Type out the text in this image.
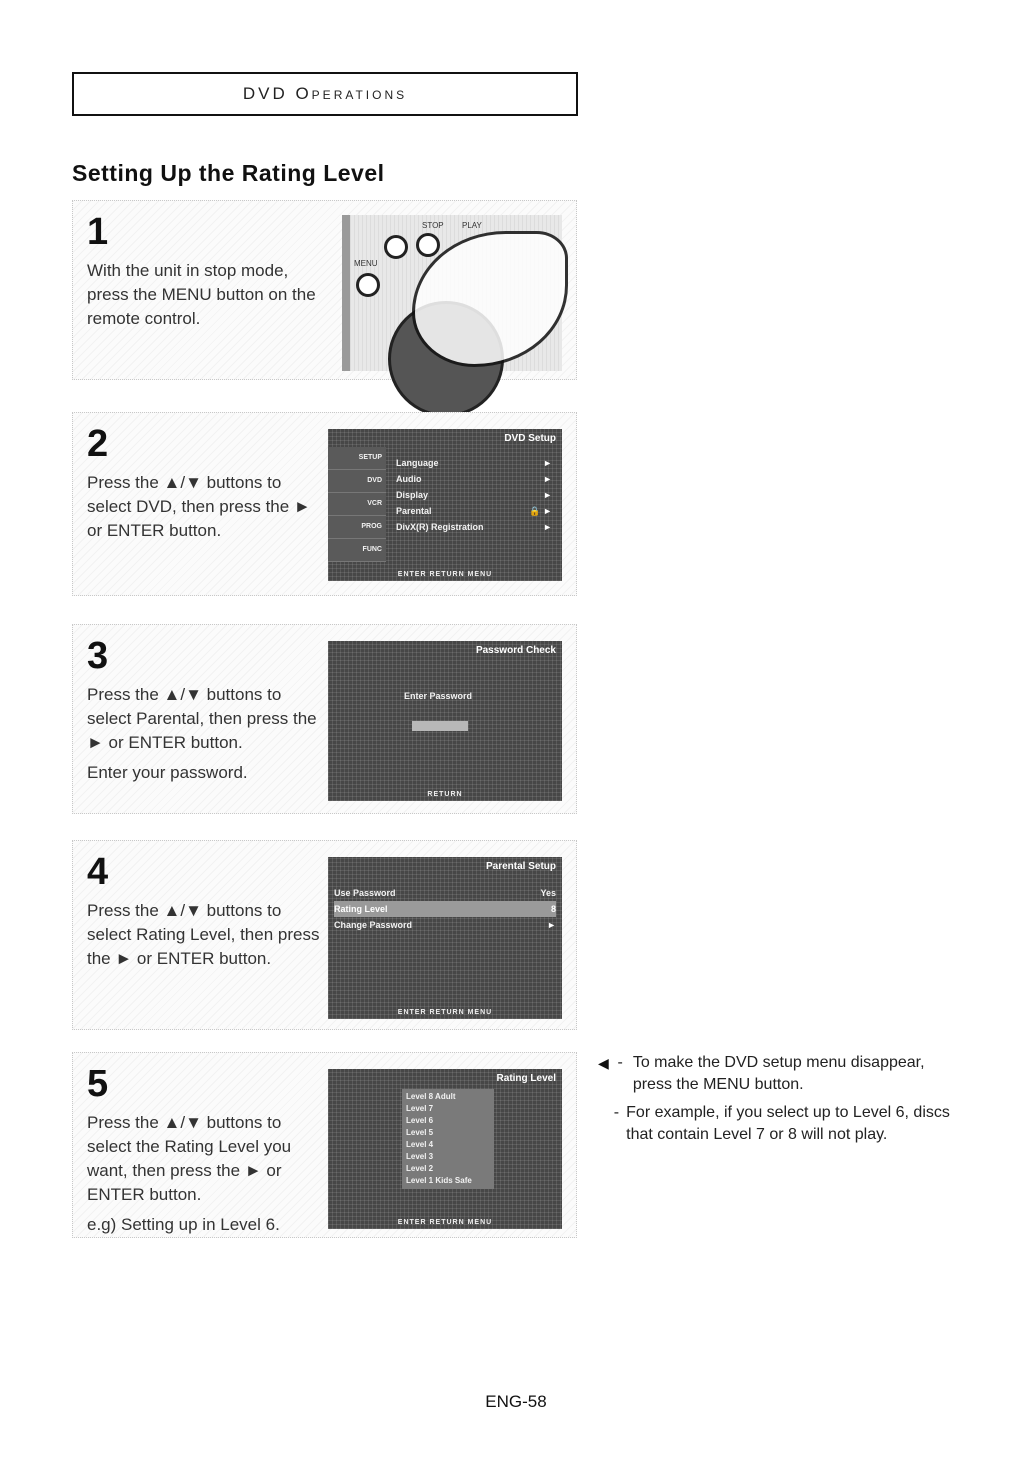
DVD Operations
Setting Up the Rating Level
1

With the unit in stop mode, press the MENU button on the remote control.

STOP PLAY
MENU
2

Press the ▲/▼ buttons to select DVD, then press the ► or ENTER button.

DVD Setup
SETUP
DVD
VCR
PROG
FUNC
Language	►
Audio	►
Display	►
Parental	🔒 ►
DivX(R) Registration	►
ENTER RETURN MENU
3

Press the ▲/▼ buttons to select Parental, then press the ► or ENTER button.

Enter your password.

Password Check
Enter Password
RETURN
4

Press the ▲/▼ buttons to select Rating Level, then press the ► or ENTER button.

Parental Setup
Use Password	Yes
Rating Level	8
Change Password	►
ENTER RETURN MENU
5

Press the ▲/▼ buttons to select the Rating Level you want, then press the ► or ENTER button.

e.g) Setting up in Level 6.

Rating Level
Level 8 Adult
Level 7
Level 6
Level 5
Level 4
Level 3
Level 2
Level 1 Kids Safe
ENTER RETURN MENU
◀ - To make the DVD setup menu disappear, press the MENU button.
- For example, if you select up to Level 6, discs that contain Level 7 or 8 will not play.
ENG-58
